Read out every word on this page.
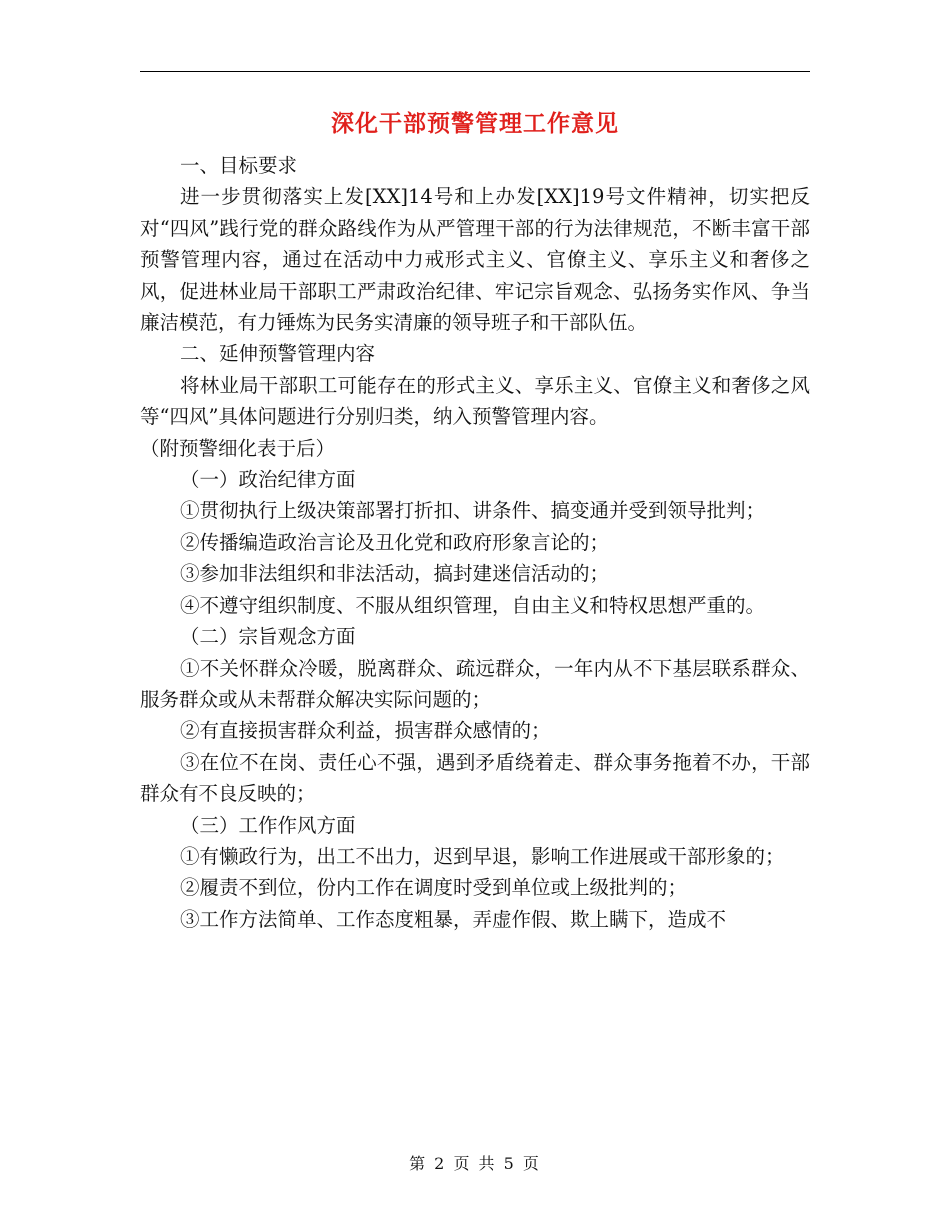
深化干部预警管理工作意见

一、目标要求

进一步贯彻落实上发[XX]14号和上办发[XX]19号文件精神，切实把反对“四风”践行党的群众路线作为从严管理干部的行为法律规范，不断丰富干部预警管理内容，通过在活动中力戒形式主义、官僚主义、享乐主义和奢侈之风，促进林业局干部职工严肃政治纪律、牢记宗旨观念、弘扬务实作风、争当廉洁模范，有力锤炼为民务实清廉的领导班子和干部队伍。

二、延伸预警管理内容

将林业局干部职工可能存在的形式主义、享乐主义、官僚主义和奢侈之风等“四风”具体问题进行分别归类，纳入预警管理内容。

（附预警细化表于后）

（一）政治纪律方面

①贯彻执行上级决策部署打折扣、讲条件、搞变通并受到领导批判；

②传播编造政治言论及丑化党和政府形象言论的；

③参加非法组织和非法活动，搞封建迷信活动的；

④不遵守组织制度、不服从组织管理，自由主义和特权思想严重的。

（二）宗旨观念方面

①不关怀群众冷暖，脱离群众、疏远群众，一年内从不下基层联系群众、服务群众或从未帮群众解决实际问题的；

②有直接损害群众利益，损害群众感情的；

③在位不在岗、责任心不强，遇到矛盾绕着走、群众事务拖着不办，干部群众有不良反映的；

（三）工作作风方面

①有懒政行为，出工不出力，迟到早退，影响工作进展或干部形象的；

②履责不到位，份内工作在调度时受到单位或上级批判的；

③工作方法简单、工作态度粗暴，弄虚作假、欺上瞒下，造成不

第 2 页 共 5 页
